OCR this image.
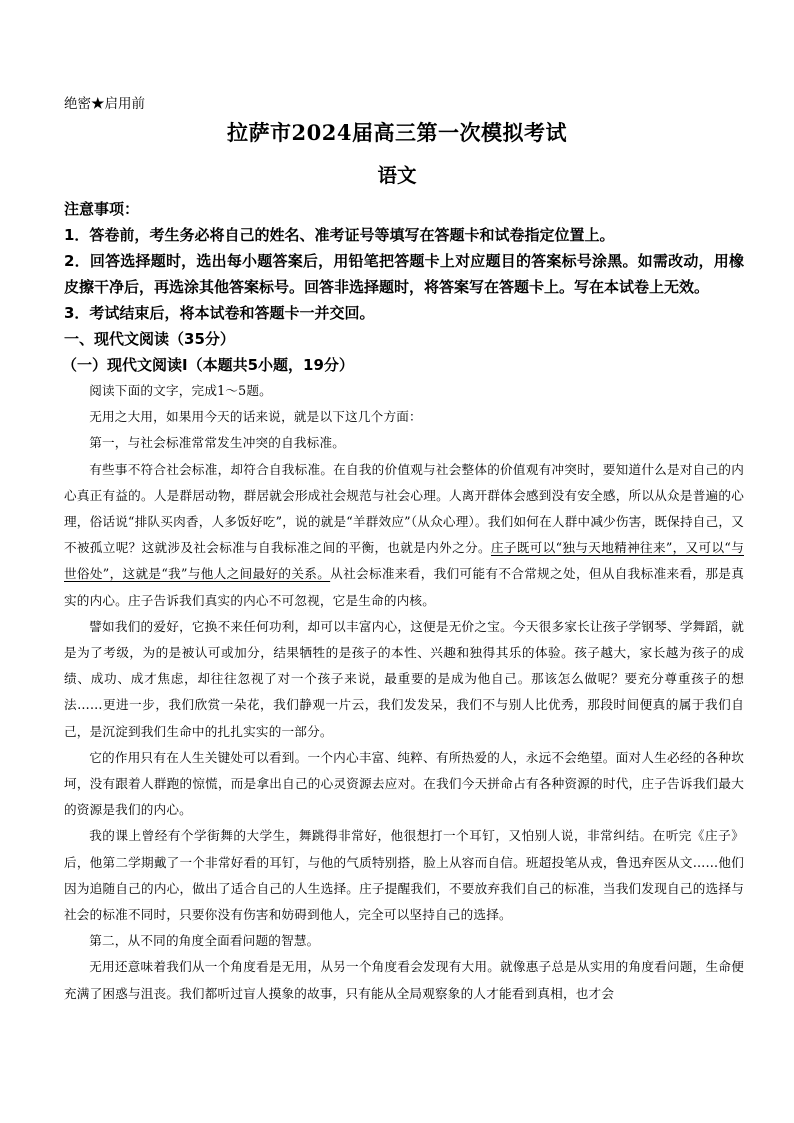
绝密★启用前
拉萨市2024届高三第一次模拟考试
语文

注意事项：

1．答卷前，考生务必将自己的姓名、准考证号等填写在答题卡和试卷指定位置上。

2．回答选择题时，选出每小题答案后，用铅笔把答题卡上对应题目的答案标号涂黑。如需改动，用橡皮擦干净后，再选涂其他答案标号。回答非选择题时，将答案写在答题卡上。写在本试卷上无效。

3．考试结束后，将本试卷和答题卡一并交回。

一、现代文阅读（35分）

（一）现代文阅读Ⅰ（本题共5小题，19分）

阅读下面的文字，完成1～5题。

无用之大用，如果用今天的话来说，就是以下这几个方面：

第一，与社会标准常常发生冲突的自我标准。

有些事不符合社会标准，却符合自我标准。在自我的价值观与社会整体的价值观有冲突时，要知道什么是对自己的内心真正有益的。人是群居动物，群居就会形成社会规范与社会心理。人离开群体会感到没有安全感，所以从众是普遍的心理，俗话说“排队买肉香，人多饭好吃”，说的就是“羊群效应”（从众心理）。我们如何在人群中减少伤害，既保持自己，又不被孤立呢？这就涉及社会标准与自我标准之间的平衡，也就是内外之分。庄子既可以“独与天地精神往来”，又可以“与世俗处”，这就是“我”与他人之间最好的关系。从社会标准来看，我们可能有不合常规之处，但从自我标准来看，那是真实的内心。庄子告诉我们真实的内心不可忽视，它是生命的内核。

譬如我们的爱好，它换不来任何功利，却可以丰富内心，这便是无价之宝。今天很多家长让孩子学钢琴、学舞蹈，就是为了考级，为的是被认可或加分，结果牺牲的是孩子的本性、兴趣和独得其乐的体验。孩子越大，家长越为孩子的成绩、成功、成才焦虑，却往往忽视了对一个孩子来说，最重要的是成为他自己。那该怎么做呢？要充分尊重孩子的想法……更进一步，我们欣赏一朵花，我们静观一片云，我们发发呆，我们不与别人比优秀，那段时间便真的属于我们自己，是沉淀到我们生命中的扎扎实实的一部分。

它的作用只有在人生关键处可以看到。一个内心丰富、纯粹、有所热爱的人，永远不会绝望。面对人生必经的各种坎坷，没有跟着人群跑的惊慌，而是拿出自己的心灵资源去应对。在我们今天拼命占有各种资源的时代，庄子告诉我们最大的资源是我们的内心。

我的课上曾经有个学街舞的大学生，舞跳得非常好，他很想打一个耳钉，又怕别人说，非常纠结。在听完《庄子》后，他第二学期戴了一个非常好看的耳钉，与他的气质特别搭，脸上从容而自信。班超投笔从戎，鲁迅弃医从文……他们因为追随自己的内心，做出了适合自己的人生选择。庄子提醒我们，不要放弃我们自己的标准，当我们发现自己的选择与社会的标准不同时，只要你没有伤害和妨碍到他人，完全可以坚持自己的选择。

第二，从不同的角度全面看问题的智慧。

无用还意味着我们从一个角度看是无用，从另一个角度看会发现有大用。就像惠子总是从实用的角度看问题，生命便充满了困惑与沮丧。我们都听过盲人摸象的故事，只有能从全局观察象的人才能看到真相，也才会
